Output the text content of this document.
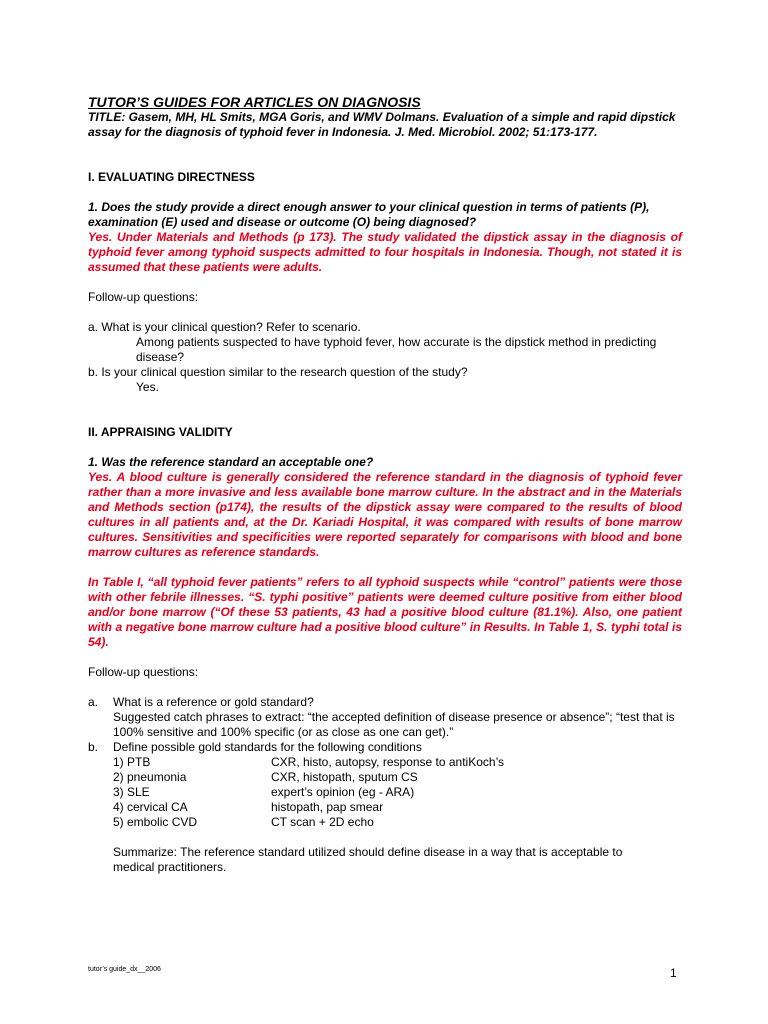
TUTOR’S GUIDES FOR ARTICLES ON DIAGNOSIS
TITLE: Gasem, MH, HL Smits, MGA Goris, and WMV Dolmans. Evaluation of a simple and rapid dipstick assay for the diagnosis of typhoid fever in Indonesia. J. Med. Microbiol. 2002; 51:173-177.
I. EVALUATING DIRECTNESS
1. Does the study provide a direct enough answer to your clinical question in terms of patients (P), examination (E) used and disease or outcome (O) being diagnosed?
Yes. Under Materials and Methods (p 173). The study validated the dipstick assay in the diagnosis of typhoid fever among typhoid suspects admitted to four hospitals in Indonesia. Though, not stated it is assumed that these patients were adults.
Follow-up questions:
a. What is your clinical question? Refer to scenario.
Among patients suspected to have typhoid fever, how accurate is the dipstick method in predicting disease?
b. Is your clinical question similar to the research question of the study?
Yes.
II. APPRAISING VALIDITY
1. Was the reference standard an acceptable one?
Yes. A blood culture is generally considered the reference standard in the diagnosis of typhoid fever rather than a more invasive and less available bone marrow culture. In the abstract and in the Materials and Methods section (p174), the results of the dipstick assay were compared to the results of blood cultures in all patients and, at the Dr. Kariadi Hospital, it was compared with results of bone marrow cultures. Sensitivities and specificities were reported separately for comparisons with blood and bone marrow cultures as reference standards.
In Table I, “all typhoid fever patients” refers to all typhoid suspects while “control” patients were those with other febrile illnesses. “S. typhi positive” patients were deemed culture positive from either blood and/or bone marrow (“Of these 53 patients, 43 had a positive blood culture (81.1%). Also, one patient with a negative bone marrow culture had a positive blood culture” in Results. In Table 1, S. typhi total is 54).
Follow-up questions:
a.	What is a reference or gold standard?
Suggested catch phrases to extract: “the accepted definition of disease presence or absence”; “test that is 100% sensitive and 100% specific (or as close as one can get).”
b.	Define possible gold standards for the following conditions
1) PTB	CXR, histo, autopsy, response to antiKoch’s
2) pneumonia	CXR, histopath, sputum CS
3) SLE	expert’s opinion (eg - ARA)
4) cervical CA	histopath, pap smear
5) embolic CVD	CT scan + 2D echo
Summarize: The reference standard utilized should define disease in a way that is acceptable to
medical practitioners.
tutor’s guide_dx__2006	1
